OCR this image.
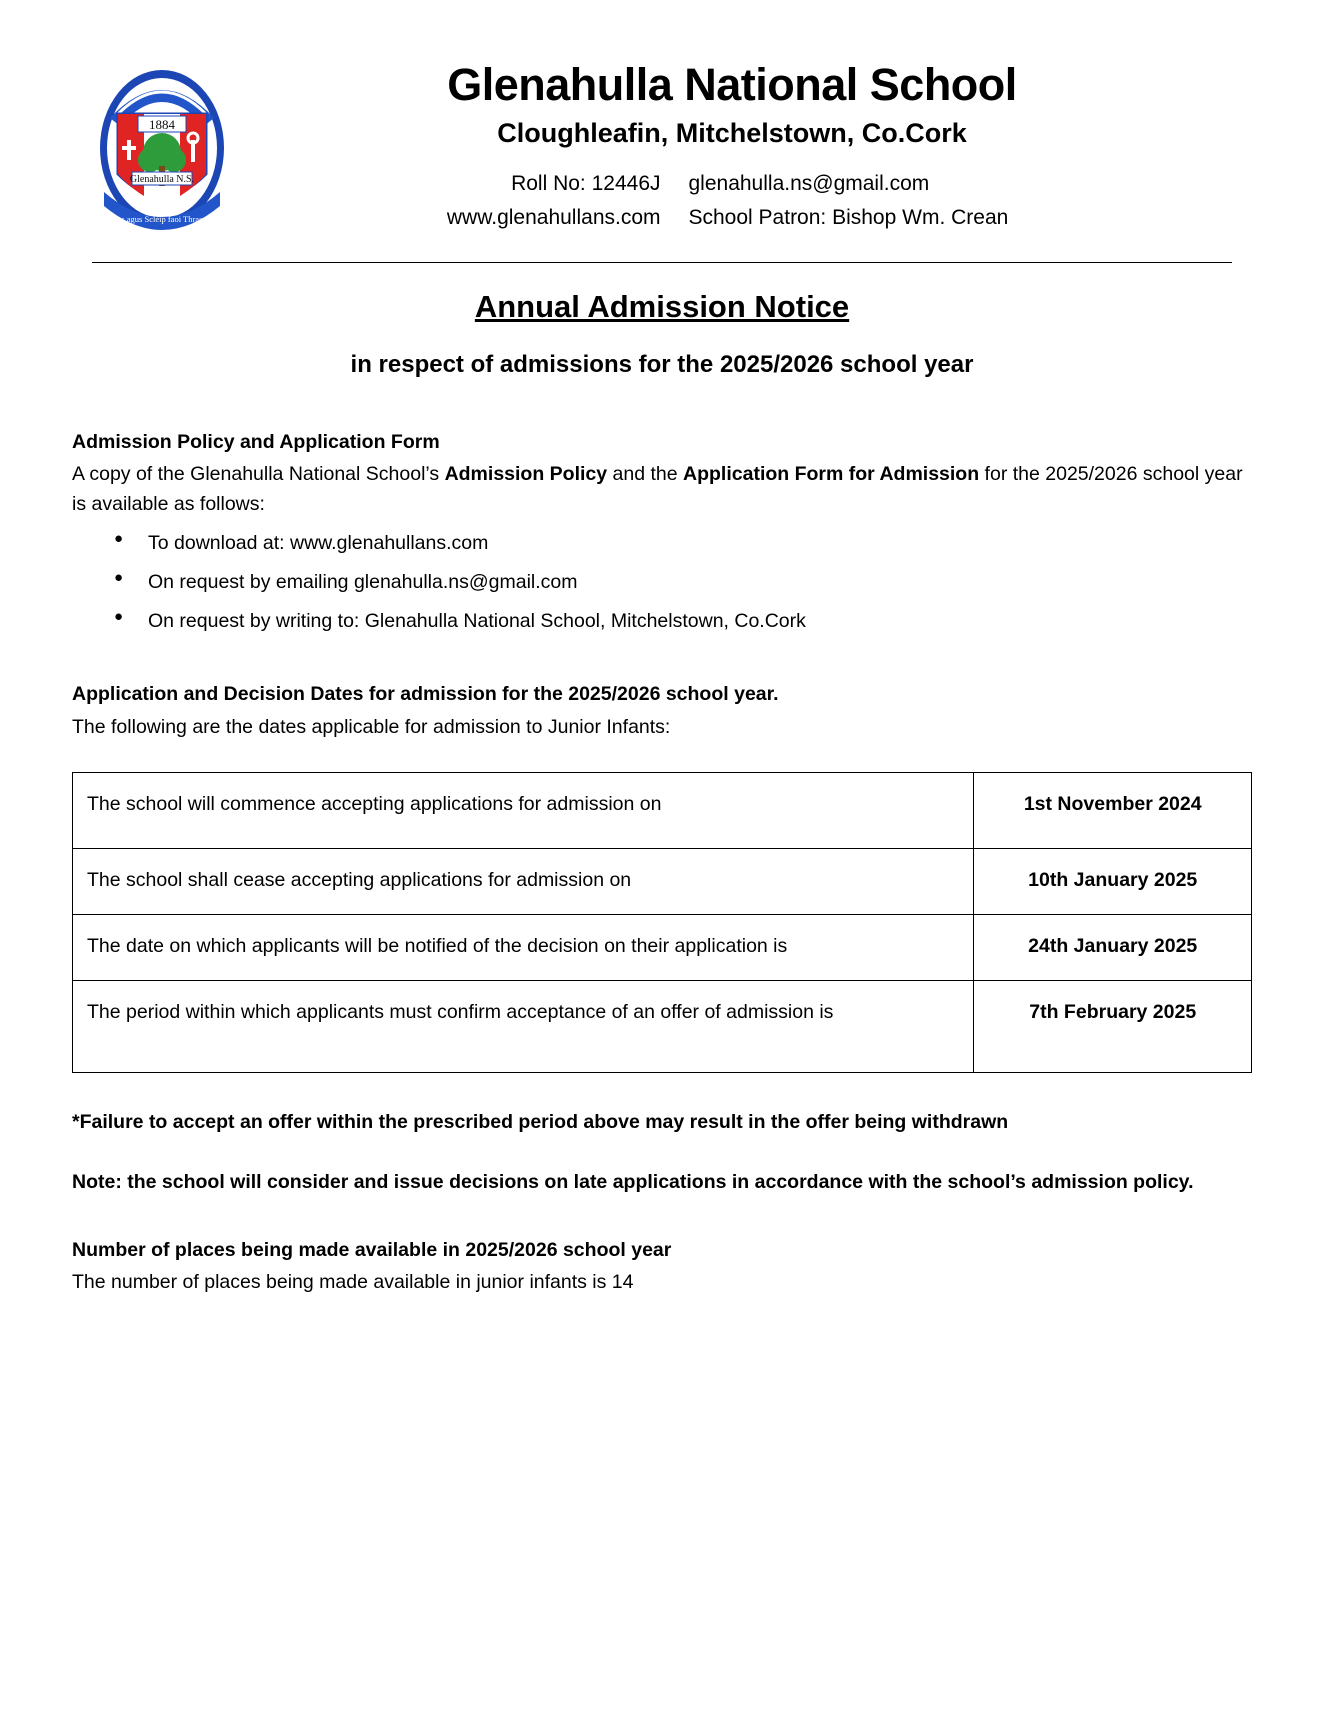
1884
Glenahulla N.S.
Oideas agus Scléip faoi Thrasnú Dé
Glenahulla National School
Cloughleafin, Mitchelstown, Co.Cork
Roll No: 12446J
www.glenahullans.com
glenahulla.ns@gmail.com
School Patron: Bishop Wm. Crean
Annual Admission Notice
in respect of admissions for the 2025/2026 school year
Admission Policy and Application Form

A copy of the Glenahulla National School’s Admission Policy and the Application Form for Admission for the 2025/2026 school year is available as follows:

● To download at: www.glenahullans.com
● On request by emailing glenahulla.ns@gmail.com
● On request by writing to: Glenahulla National School, Mitchelstown, Co.Cork
Application and Decision Dates for admission for the 2025/2026 school year.

The following are the dates applicable for admission to Junior Infants:

The school will commence accepting applications for admission on	1st November 2024
The school shall cease accepting applications for admission on	10th January 2025
The date on which applicants will be notified of the decision on their application is	24th January 2025
The period within which applicants must confirm acceptance of an offer of admission is	7th February 2025
*Failure to accept an offer within the prescribed period above may result in the offer being withdrawn
Note: the school will consider and issue decisions on late applications in accordance with the school’s admission policy.
Number of places being made available in 2025/2026 school year
The number of places being made available in junior infants is 14
